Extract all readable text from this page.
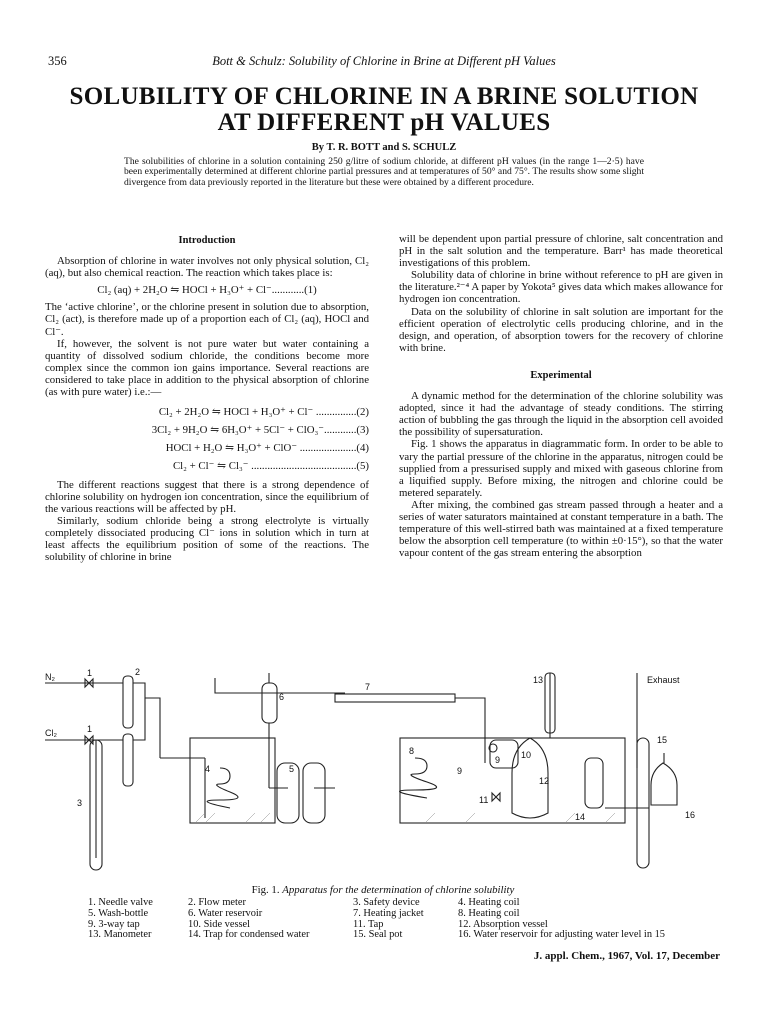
356	Bott & Schulz: Solubility of Chlorine in Brine at Different pH Values
SOLUBILITY OF CHLORINE IN A BRINE SOLUTION
AT DIFFERENT pH VALUES
By T. R. BOTT and S. SCHULZ
The solubilities of chlorine in a solution containing 250 g/litre of sodium chloride, at different pH values (in the range 1—2·5) have been experimentally determined at different chlorine partial pressures and at temperatures of 50° and 75°. The results show some slight divergence from data previously reported in the literature but these were obtained by a different procedure.
Introduction

Absorption of chlorine in water involves not only physical solution, Cl₂ (aq), but also chemical reaction. The reaction which takes place is:

Cl₂ (aq) + 2H₂O ⇋ HOCl + H₃O⁺ + Cl⁻............(1)

The ‘active chlorine’, or the chlorine present in solution due to absorption, Cl₂ (act), is therefore made up of a proportion each of Cl₂ (aq), HOCl and Cl⁻.

If, however, the solvent is not pure water but water containing a quantity of dissolved sodium chloride, the conditions become more complex since the common ion gains importance. Several reactions are considered to take place in addition to the physical absorption of chlorine (as with pure water) i.e.:—

Cl₂ + 2H₂O ⇋ HOCl + H₃O⁺ + Cl⁻ ...............(2)
3Cl₂ + 9H₂O ⇋ 6H₃O⁺ + 5Cl⁻ + ClO₃⁻............(3)
HOCl + H₂O ⇋ H₃O⁺ + ClO⁻ .....................(4)
Cl₂ + Cl⁻ ⇋ Cl₃⁻ .......................................(5)

The different reactions suggest that there is a strong dependence of chlorine solubility on hydrogen ion concentration, since the equilibrium of the various reactions will be affected by pH.

Similarly, sodium chloride being a strong electrolyte is virtually completely dissociated producing Cl⁻ ions in solution which in turn at least affects the equilibrium position of some of the reactions. The solubility of chlorine in brine

will be dependent upon partial pressure of chlorine, salt concentration and pH in the salt solution and the temperature. Barr¹ has made theoretical investigations of this problem.

Solubility data of chlorine in brine without reference to pH are given in the literature.²⁻⁴ A paper by Yokota⁵ gives data which makes allowance for hydrogen ion concentration.

Data on the solubility of chlorine in salt solution are important for the efficient operation of electrolytic cells producing chlorine, and in the design, and operation, of absorption towers for the recovery of chlorine with brine.

Experimental

A dynamic method for the determination of the chlorine solubility was adopted, since it had the advantage of steady conditions. The stirring action of bubbling the gas through the liquid in the absorption cell avoided the possibility of supersaturation.

Fig. 1 shows the apparatus in diagrammatic form. In order to be able to vary the partial pressure of the chlorine in the apparatus, nitrogen could be supplied from a pressurised supply and mixed with gaseous chlorine from a liquified supply. Before mixing, the nitrogen and chlorine could be metered separately.

After mixing, the combined gas stream passed through a heater and a series of water saturators maintained at constant temperature in a bath. The temperature of this well-stirred bath was maintained at a fixed temperature below the absorption cell temperature (to within ±0·15°), so that the water vapour content of the gas stream entering the absorption

N₂
Cl₂
1
1
2
3
4	5
6
7
8
9
9 10
11
12
13
14
15
16
Exhaust
Fig. 1. Apparatus for the determination of chlorine solubility
1. Needle valve	2. Flow meter	3. Safety device	4. Heating coil
5. Wash-bottle	6. Water reservoir	7. Heating jacket	8. Heating coil
9. 3-way tap	10. Side vessel	11. Tap	12. Absorption vessel
13. Manometer	14. Trap for condensed water	15. Seal pot	16. Water reservoir for adjusting water level in 15
J. appl. Chem., 1967, Vol. 17, December
